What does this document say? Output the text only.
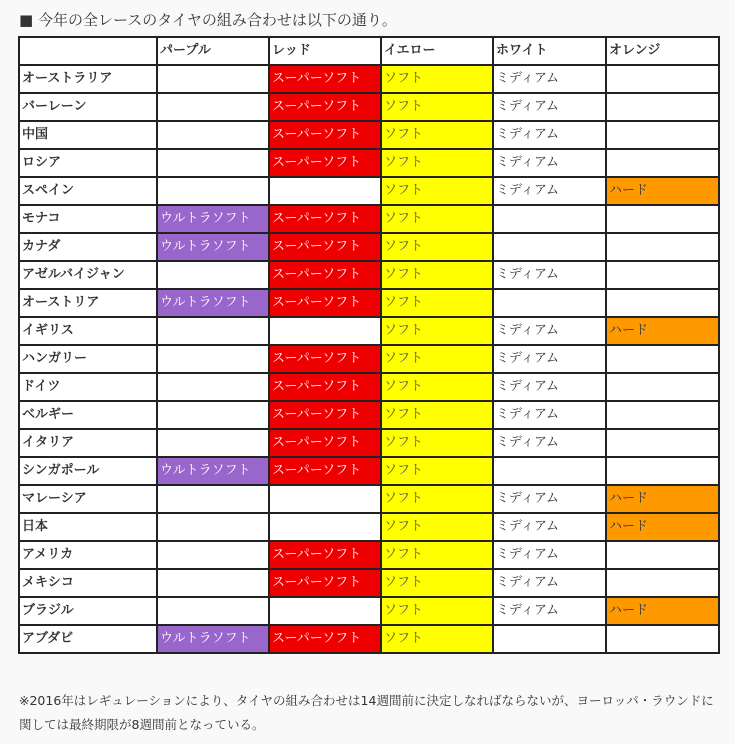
■ 今年の全レースのタイヤの組み合わせは以下の通り。
	パープル	レッド	イエロー	ホワイト	オレンジ
オーストラリア		スーパーソフト	ソフト	ミディアム	
バーレーン		スーパーソフト	ソフト	ミディアム	
中国		スーパーソフト	ソフト	ミディアム	
ロシア		スーパーソフト	ソフト	ミディアム	
スペイン			ソフト	ミディアム	ハード
モナコ	ウルトラソフト	スーパーソフト	ソフト		
カナダ	ウルトラソフト	スーパーソフト	ソフト		
アゼルバイジャン		スーパーソフト	ソフト	ミディアム	
オーストリア	ウルトラソフト	スーパーソフト	ソフト		
イギリス			ソフト	ミディアム	ハード
ハンガリー		スーパーソフト	ソフト	ミディアム	
ドイツ		スーパーソフト	ソフト	ミディアム	
ベルギー		スーパーソフト	ソフト	ミディアム	
イタリア		スーパーソフト	ソフト	ミディアム	
シンガポール	ウルトラソフト	スーパーソフト	ソフト		
マレーシア			ソフト	ミディアム	ハード
日本			ソフト	ミディアム	ハード
アメリカ		スーパーソフト	ソフト	ミディアム	
メキシコ		スーパーソフト	ソフト	ミディアム	
ブラジル			ソフト	ミディアム	ハード
アブダビ	ウルトラソフト	スーパーソフト	ソフト		
※2016年はレギュレーションにより、タイヤの組み合わせは14週間前に決定しなればならないが、ヨーロッパ・ラウンドに関しては最終期限が8週間前となっている。
